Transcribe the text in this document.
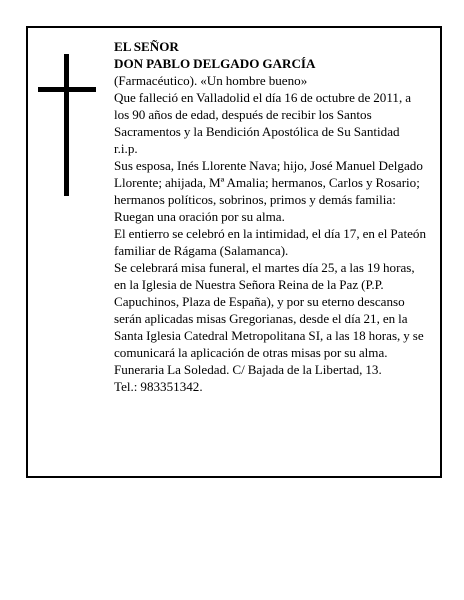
EL SEÑOR

DON PABLO DELGADO GARCÍA

(Farmacéutico). «Un hombre bueno»

Que falleció en Valladolid el día 16 de octubre de 2011, a los 90 años de edad, después de recibir los Santos Sacramentos y la Bendición Apostólica de Su Santidad

r.i.p.

Sus esposa, Inés Llorente Nava; hijo, José Manuel Delgado Llorente; ahijada, Mª Amalia; hermanos, Carlos y Rosario; hermanos políticos, sobrinos, primos y demás familia:

Ruegan una oración por su alma.

El entierro se celebró en la intimidad, el día 17, en el Pateón familiar de Rágama (Salamanca).

Se celebrará misa funeral, el martes día 25, a las 19 horas, en la Iglesia de Nuestra Señora Reina de la Paz (P.P. Capuchinos, Plaza de España), y por su eterno descanso serán aplicadas misas Gregorianas, desde el día 21, en la Santa Iglesia Catedral Metropolitana SI, a las 18 horas, y se comunicará la aplicación de otras misas por su alma.

Funeraria La Soledad. C/ Bajada de la Libertad, 13.

Tel.: 983351342.
